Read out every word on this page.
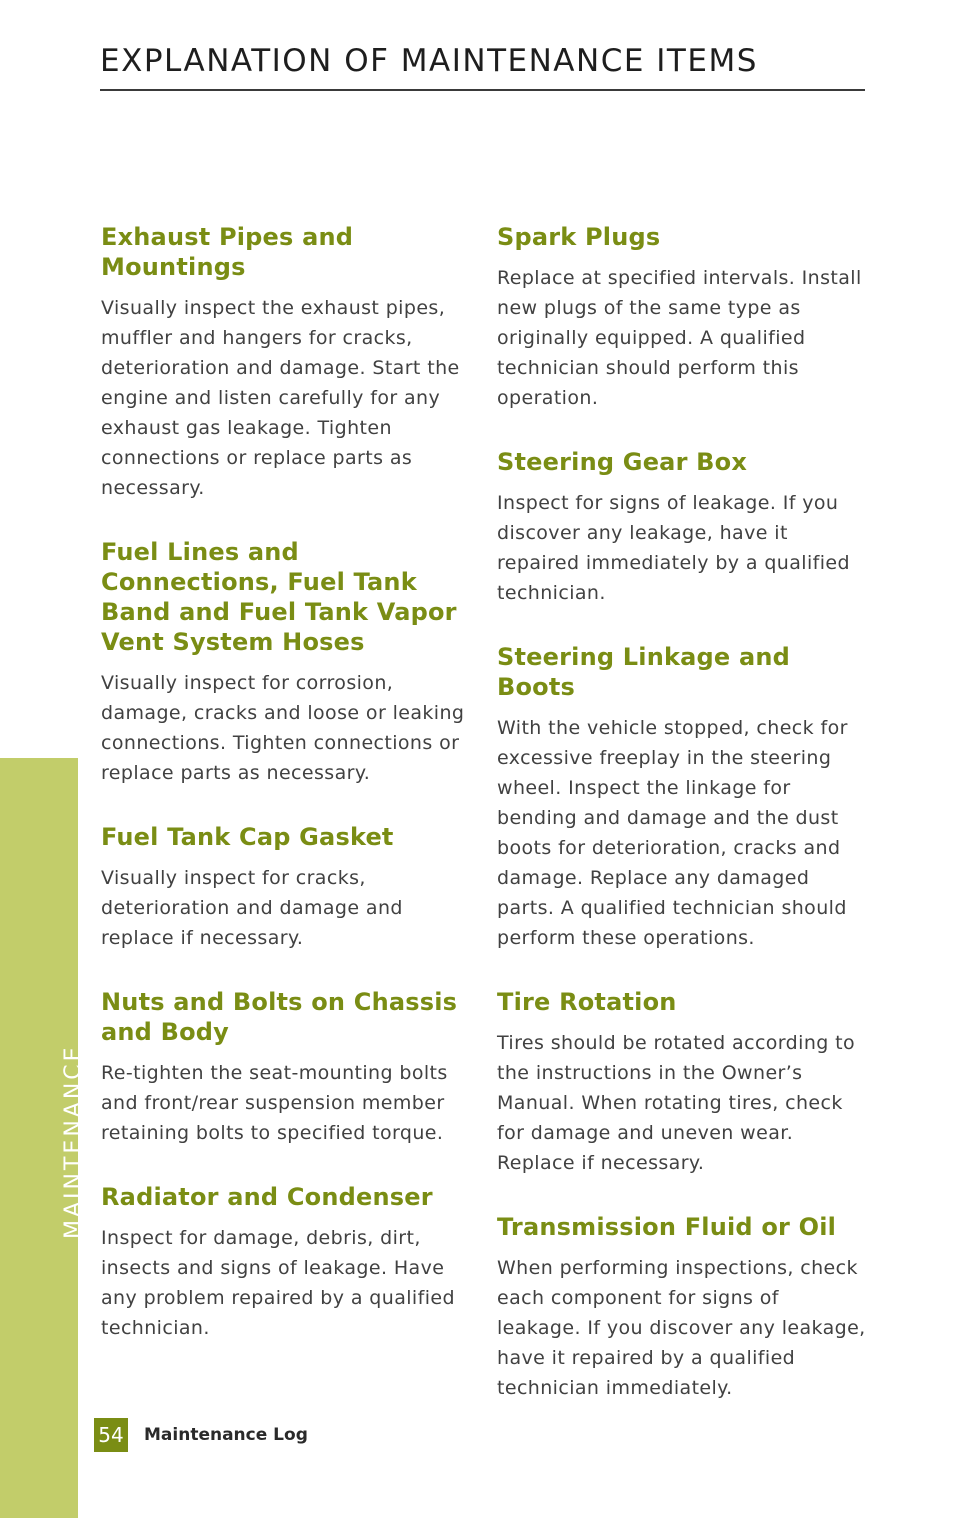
EXPLANATION OF MAINTENANCE ITEMS
MAINTENANCE
Exhaust Pipes and Mountings

Visually inspect the exhaust pipes, muffler and hangers for cracks, deterioration and damage. Start the engine and listen carefully for any exhaust gas leakage. Tighten connections or replace parts as necessary.

Fuel Lines and Connections, Fuel Tank Band and Fuel Tank Vapor Vent System Hoses

Visually inspect for corrosion, damage, cracks and loose or leaking connections. Tighten connections or replace parts as necessary.

Fuel Tank Cap Gasket

Visually inspect for cracks, deterioration and damage and replace if necessary.

Nuts and Bolts on Chassis and Body

Re-tighten the seat-mounting bolts and front/rear suspension member retaining bolts to specified torque.

Radiator and Condenser

Inspect for damage, debris, dirt, insects and signs of leakage. Have any problem repaired by a qualified technician.

Spark Plugs

Replace at specified intervals. Install new plugs of the same type as originally equipped. A qualified technician should perform this operation.

Steering Gear Box

Inspect for signs of leakage. If you discover any leakage, have it repaired immediately by a qualified technician.

Steering Linkage and Boots

With the vehicle stopped, check for excessive freeplay in the steering wheel. Inspect the linkage for bending and damage and the dust boots for deterioration, cracks and damage. Replace any damaged parts. A qualified technician should perform these operations.

Tire Rotation

Tires should be rotated according to the instructions in the Owner’s Manual. When rotating tires, check for damage and uneven wear. Replace if necessary.

Transmission Fluid or Oil

When performing inspections, check each component for signs of leakage. If you discover any leakage, have it repaired by a qualified technician immediately.

54 Maintenance Log
